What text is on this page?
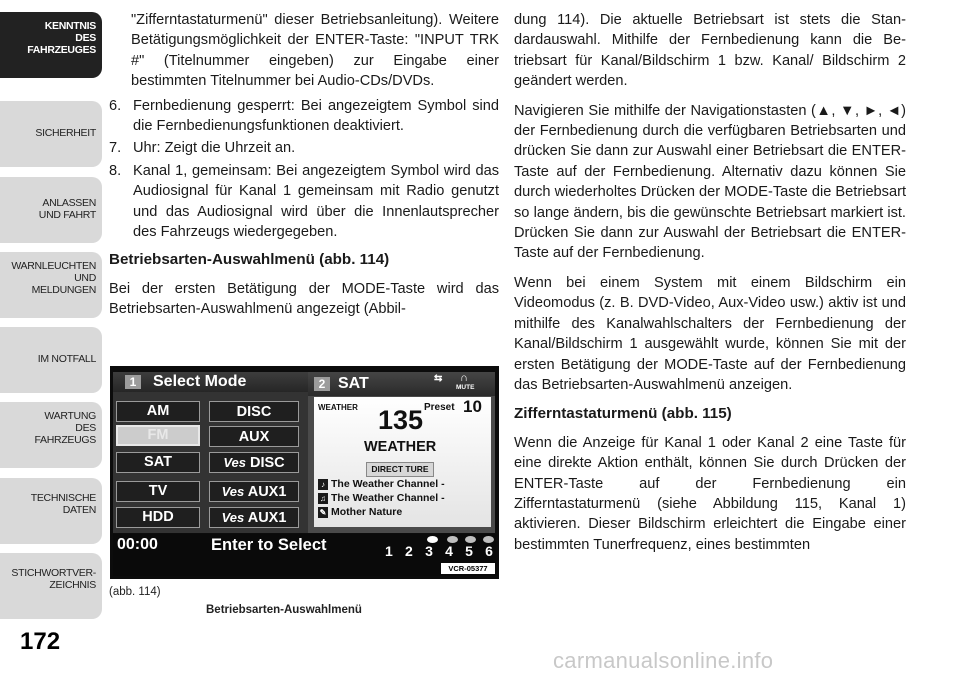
KENNTNIS
DES
FAHRZEUGES
SICHERHEIT
ANLASSEN
UND FAHRT
WARNLEUCHTEN
UND
MELDUNGEN
IM NOTFALL
WARTUNG
DES
FAHRZEUGS
TECHNISCHE
DATEN
STICHWORTVER-
ZEICHNIS
172

"Zifferntastaturmenü" dieser Betriebsanleitung). Weitere Betätigungsmöglichkeit der ENTER-Taste: "INPUT TRK #" (Titelnummer eingeben) zur Eingabe einer bestimmten Titelnummer bei Audio-CDs/DVDs.

6. Fernbedienung gesperrt: Bei angezeigtem Symbol sind die Fernbedienungsfunktionen deaktiviert.
7. Uhr: Zeigt die Uhrzeit an.
8. Kanal 1, gemeinsam: Bei angezeigtem Symbol wird das Audiosignal für Kanal 1 gemeinsam mit Radio genutzt und das Audiosignal wird über die Innenlautsprecher des Fahrzeugs wiedergegeben.
Betriebsarten-Auswahlmenü (abb. 114)

Bei der ersten Betätigung der MODE-Taste wird das Betriebsarten-Auswahlmenü angezeigt (Abbil-

1 Select Mode
AM
FM
SAT
TV
HDD
DISC
AUX
Ves DISC
Ves AUX1
Ves AUX1
2 SAT	⇆ ∩
MUTE
WEATHER	Preset 10
135
WEATHER
DIRECT TURE
♪ The Weather Channel -
♫ The Weather Channel -
✎ Mother Nature
00:00	Enter to Select	1 2 3 4 5 6
VCR-05377
(abb. 114)
Betriebsarten-Auswahlmenü

dung 114). Die aktuelle Betriebsart ist stets die Standardauswahl. Mithilfe der Fernbedienung kann die Betriebsart für Kanal/Bildschirm 1 bzw. Kanal/ Bildschirm 2 geändert werden.

Navigieren Sie mithilfe der Navigationstasten (▲, ▼, ►, ◄) der Fernbedienung durch die verfügbaren Betriebsarten und drücken Sie dann zur Auswahl einer Betriebsart die ENTER-Taste auf der Fernbedienung. Alternativ dazu können Sie durch wiederholtes Drücken der MODE-Taste die Betriebsart so lange ändern, bis die gewünschte Betriebsart markiert ist. Drücken Sie dann zur Auswahl der Betriebsart die ENTER-Taste auf der Fernbedienung.

Wenn bei einem System mit einem Bildschirm ein Videomodus (z. B. DVD-Video, Aux-Video usw.) aktiv ist und mithilfe des Kanalwahlschalters der Fernbedienung der Kanal/Bildschirm 1 ausgewählt wurde, können Sie mit der ersten Betätigung der MODE-Taste auf der Fernbedienung das Betriebsarten-Auswahlmenü anzeigen.

Zifferntastaturmenü (abb. 115)

Wenn die Anzeige für Kanal 1 oder Kanal 2 eine Taste für eine direkte Aktion enthält, können Sie durch Drücken der ENTER-Taste auf der Fernbedienung ein Zifferntastaturmenü (siehe Abbildung 115, Kanal 1) aktivieren. Dieser Bildschirm erleichtert die Eingabe einer bestimmten Tunerfrequenz, eines bestimmten

carmanualsonline.info
